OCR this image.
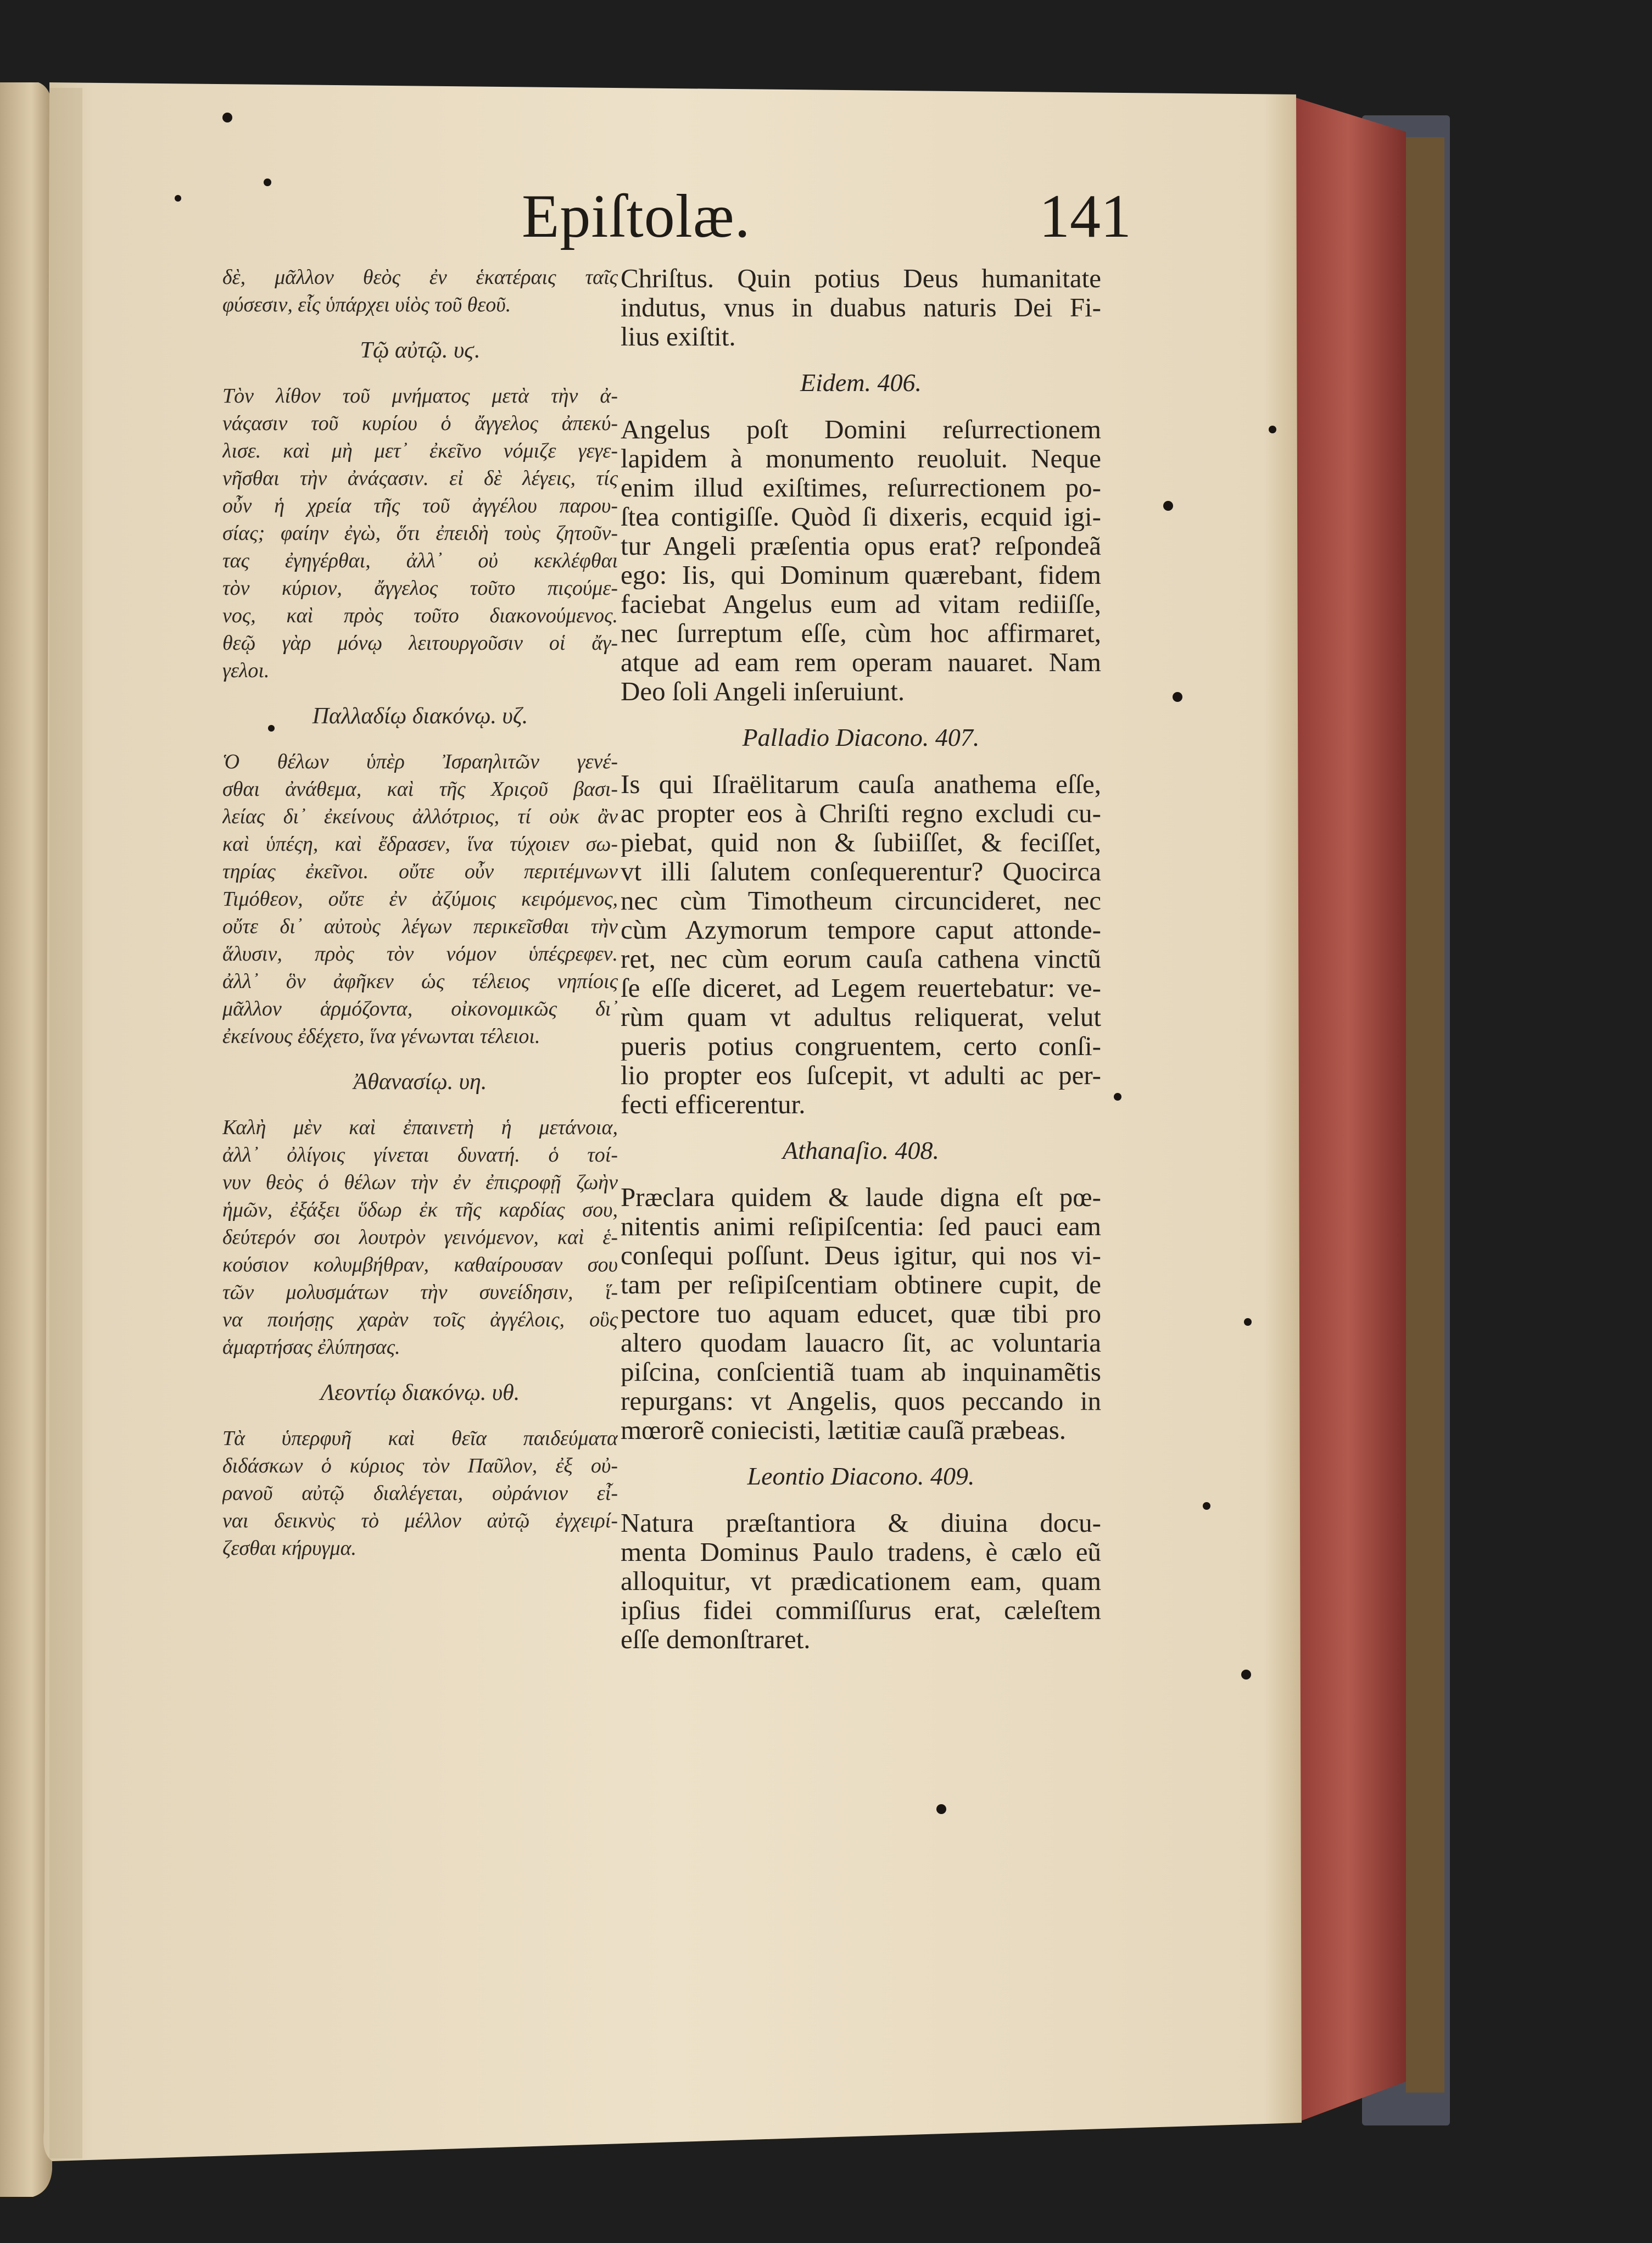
Epiſtolæ.	141
δὲ, μᾶλλον θεὸς ἐν ἑκατέραις ταῖς
φύσεσιν, εἷς ὑπάρχει υἱὸς τοῦ θεοῦ.
Τῷ αὐτῷ. υϛ.
Τὸν λίθον τοῦ μνήματος μετὰ τὴν ἀ-
νάςασιν τοῦ κυρίου ὁ ἄγγελος ἀπεκύ-
λισε. καὶ μὴ μετ᾽ ἐκεῖνο νόμιζε γεγε-
νῆσθαι τὴν ἀνάςασιν. εἰ δὲ λέγεις, τίς
οὖν ἡ χρεία τῆς τοῦ ἀγγέλου παρου-
σίας; φαίην ἐγὼ, ὅτι ἐπειδὴ τοὺς ζητοῦν-
τας ἐγηγέρθαι, ἀλλ᾽ οὐ κεκλέφθαι
τὸν κύριον, ἄγγελος τοῦτο πιςούμε-
νος, καὶ πρὸς τοῦτο διακονούμενος.
θεῷ γὰρ μόνῳ λειτουργοῦσιν οἱ ἄγ-
γελοι.
Παλλαδίῳ διακόνῳ. υζ.
Ὁ θέλων ὑπὲρ Ἰσραηλιτῶν γενέ-
σθαι ἀνάθεμα, καὶ τῆς Χριςοῦ βασι-
λείας δι᾽ ἐκείνους ἀλλότριος, τί οὐκ ἂν
καὶ ὑπέςη, καὶ ἔδρασεν, ἵνα τύχοιεν σω-
τηρίας ἐκεῖνοι. οὔτε οὖν περιτέμνων
Τιμόθεον, οὔτε ἐν ἀζύμοις κειρόμενος,
οὔτε δι᾽ αὐτοὺς λέγων περικεῖσθαι τὴν
ἅλυσιν, πρὸς τὸν νόμον ὑπέςρεφεν.
ἀλλ᾽ ὃν ἀφῆκεν ὡς τέλειος νηπίοις
μᾶλλον ἁρμόζοντα, οἰκονομικῶς δι᾽
ἐκείνους ἐδέχετο, ἵνα γένωνται τέλειοι.
Ἀθανασίῳ. υη.
Καλὴ μὲν καὶ ἐπαινετὴ ἡ μετάνοια,
ἀλλ᾽ ὀλίγοις γίνεται δυνατή. ὁ τοί-
νυν θεὸς ὁ θέλων τὴν ἐν ἐπιςροφῇ ζωὴν
ἡμῶν, ἐξάξει ὕδωρ ἐκ τῆς καρδίας σου,
δεύτερόν σοι λουτρὸν γεινόμενον, καὶ ἑ-
κούσιον κολυμβήθραν, καθαίρουσαν σου
τῶν μολυσμάτων τὴν συνείδησιν, ἵ-
να ποιήσῃς χαρὰν τοῖς ἀγγέλοις, οὓς
ἁμαρτήσας ἐλύπησας.
Λεοντίῳ διακόνῳ. υθ.
Τὰ ὑπερφυῆ καὶ θεῖα παιδεύματα
διδάσκων ὁ κύριος τὸν Παῦλον, ἐξ οὐ-
ρανοῦ αὐτῷ διαλέγεται, οὐράνιον εἶ-
ναι δεικνὺς τὸ μέλλον αὐτῷ ἐγχειρί-
ζεσθαι κήρυγμα.
Chriſtus. Quin potius Deus humanitate
indutus, vnus in duabus naturis Dei Fi-
lius exiſtit.
Eidem. 406.
Angelus poſt Domini reſurrectionem
lapidem à monumento reuoluit. Neque
enim illud exiſtimes, reſurrectionem po-
ſtea contigiſſe. Quòd ſi dixeris, ecquid igi-
tur Angeli præſentia opus erat? reſpondeã
ego: Iis, qui Dominum quærebant, fidem
faciebat Angelus eum ad vitam rediiſſe,
nec ſurreptum eſſe, cùm hoc affirmaret,
atque ad eam rem operam nauaret. Nam
Deo ſoli Angeli inſeruiunt.
Palladio Diacono. 407.
Is qui Iſraëlitarum cauſa anathema eſſe,
ac propter eos à Chriſti regno excludi cu-
piebat, quid non & ſubiiſſet, & feciſſet,
vt illi ſalutem conſequerentur? Quocirca
nec cùm Timotheum circuncideret, nec
cùm Azymorum tempore caput attonde-
ret, nec cùm eorum cauſa cathena vinctũ
ſe eſſe diceret, ad Legem reuertebatur: ve-
rùm quam vt adultus reliquerat, velut
pueris potius congruentem, certo conſi-
lio propter eos ſuſcepit, vt adulti ac per-
fecti efficerentur.
Athanaſio. 408.
Præclara quidem & laude digna eſt pœ-
nitentis animi reſipiſcentia: ſed pauci eam
conſequi poſſunt. Deus igitur, qui nos vi-
tam per reſipiſcentiam obtinere cupit, de
pectore tuo aquam educet, quæ tibi pro
altero quodam lauacro ſit, ac voluntaria
piſcina, conſcientiã tuam ab inquinamẽtis
repurgans: vt Angelis, quos peccando in
mœrorẽ coniecisti, lætitiæ cauſã præbeas.
Leontio Diacono. 409.
Natura præſtantiora & diuina docu-
menta Dominus Paulo tradens, è cælo eũ
alloquitur, vt prædicationem eam, quam
ipſius fidei commiſſurus erat, cæleſtem
eſſe demonſtraret.
